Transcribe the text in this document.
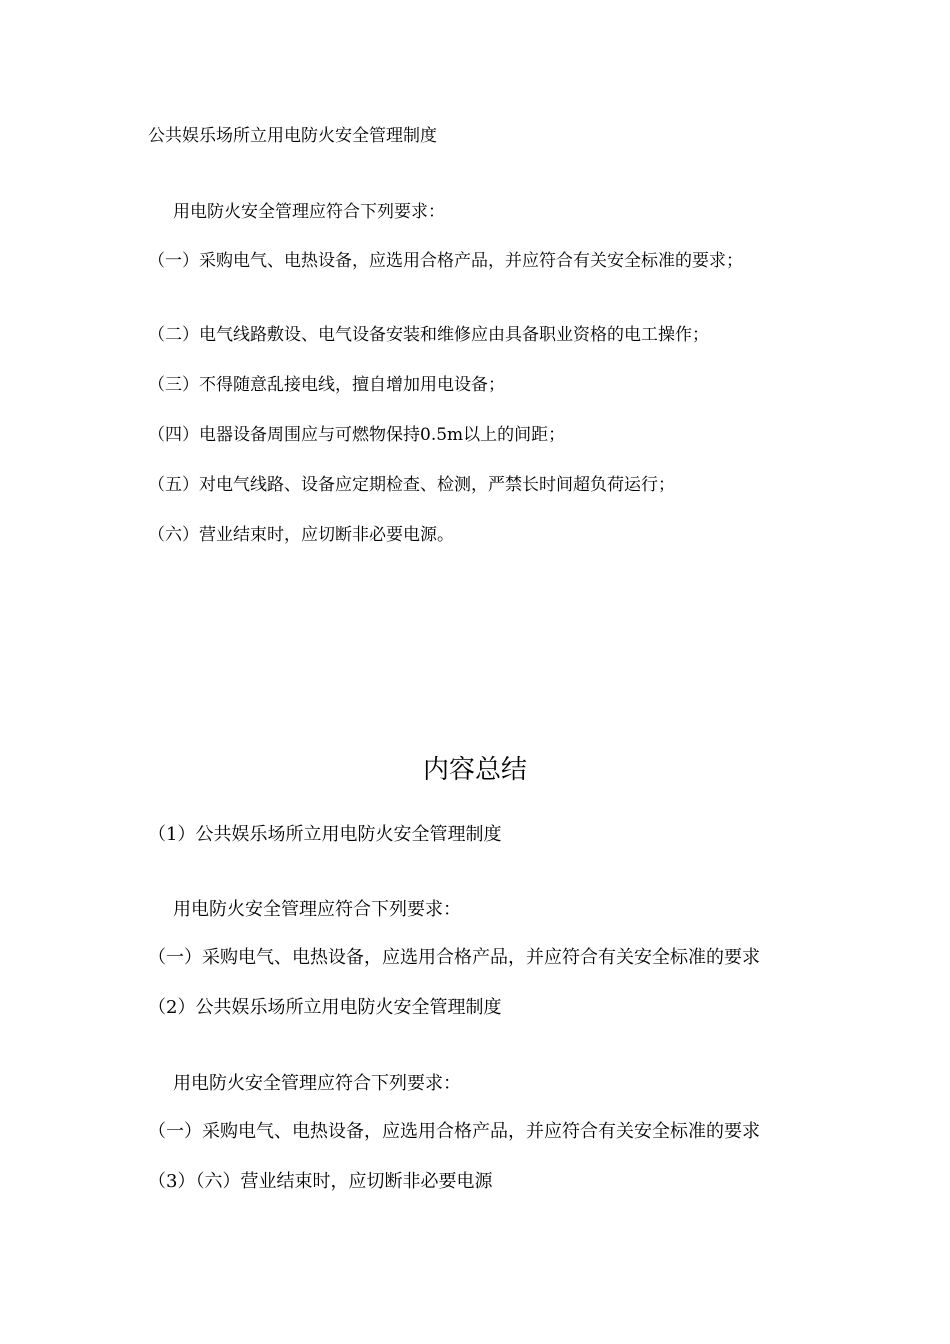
公共娱乐场所立用电防火安全管理制度
用电防火安全管理应符合下列要求：
（一）采购电气、电热设备，应选用合格产品，并应符合有关安全标准的要求；
（二）电气线路敷设、电气设备安装和维修应由具备职业资格的电工操作；
（三）不得随意乱接电线，擅自增加用电设备；
（四）电器设备周围应与可燃物保持0.5m以上的间距；
（五）对电气线路、设备应定期检查、检测，严禁长时间超负荷运行；
（六）营业结束时，应切断非必要电源。
内容总结
（1）公共娱乐场所立用电防火安全管理制度
用电防火安全管理应符合下列要求：
（一）采购电气、电热设备，应选用合格产品，并应符合有关安全标准的要求
（2）公共娱乐场所立用电防火安全管理制度
用电防火安全管理应符合下列要求：
（一）采购电气、电热设备，应选用合格产品，并应符合有关安全标准的要求
（3）（六）营业结束时，应切断非必要电源
